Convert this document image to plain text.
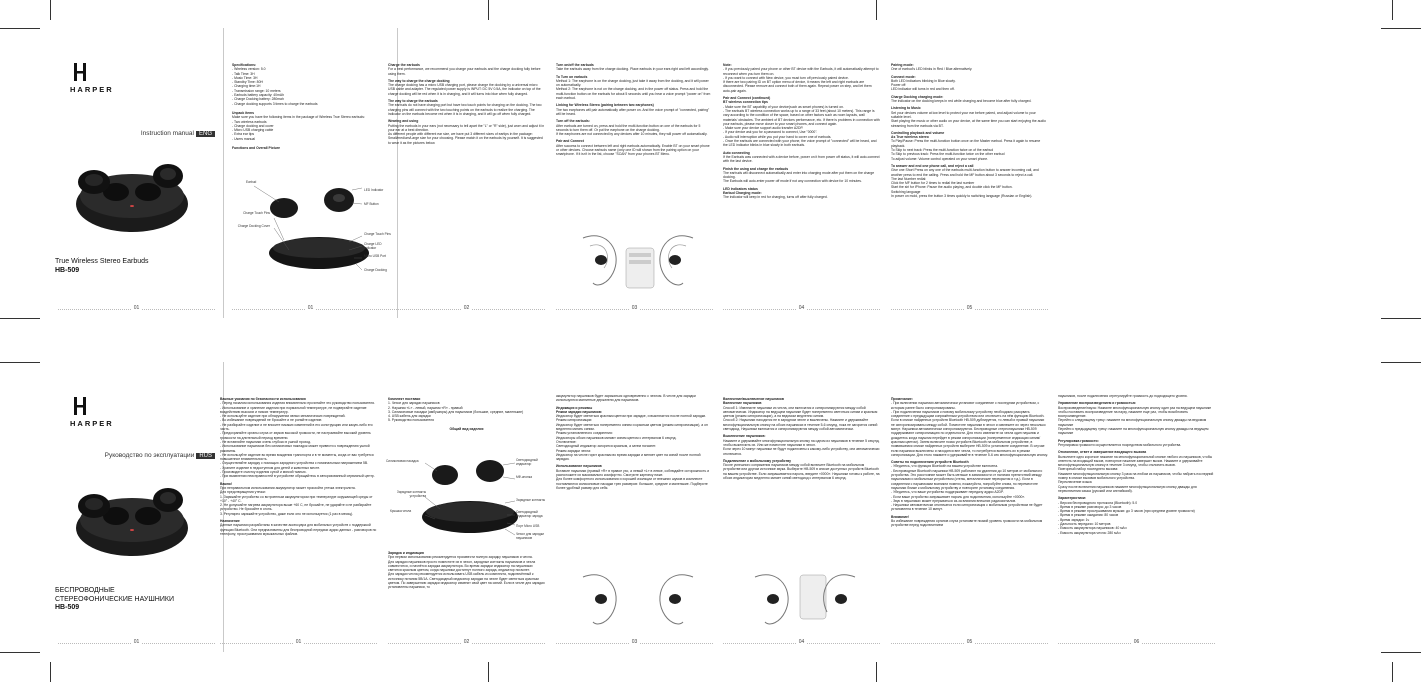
HARPER
Instruction manual ENG
True Wireless Stereo Earbuds
HB-509
01
Specifications:
- Wireless version: 5.0
- Talk Time: 3H
- Music Time: 3H
- Standby Time: 80H
- Charging time:1H
- Transmission range: 10 meters
- Earbuds battery capacity: 40mAh
- Charge Docking battery: 280mah
- Charge docking supports 3 times to charge the earbuds
Unpack items
Make sure you have the following items in the package of Wireless True Stereo earbuds:
- Two wireless earbuds
- Charge docking and cover
- Micro USB charging cable
- Extra ear tips
- Users manual
Functions and Overall Picture
Earbud
LED Indicator
MF Button
Charge Touch Pins
Charge Docking Cover
Charge Touch Pins
Charge LED Indicator
Micro USB Port
Charge Docking
01
Charge the earbuds
For a best performance, we recommend you charge your earbuds and the charge docking fully before using them.
The way to charge the charge docking
The charge docking has a micro USB charging port, please charge the docking by a universal micro USB cable and adapter. The regulated power supply is INPUT: DC 5V 0.5A, the indicator on top of the charge docking will be red when it is in charging, and it will turns into blue when fully charged.
The way to charge the earbuds
The earbuds do not have charging port but have two touch points for charging on the docking. The two charging pins will connect with the two touching points on the earbuds to realize the charging. The indicator on the earbuds become red when it is in charging, and it will go off when fully charged.
Wearing and using
Putting the earbuds in your ears (not necessary to tell apart the "L" or "R" side), just worn and adjust it in your ear at a best direction.
As different people with different ear size, we have put 3 different sizes of eartips in the package: Small/medium/Large size for your choosing. Please match it on the earbuds by yourself. It is suggested to wear it as the pictures below.
02
Turn on/off the earbuds
Take the earbuds away from the charge docking. Place earbuds in your ears right and left accordingly.
To Turn on earbuds
Method 1: The earphone is on the charge docking, just take it away from the docking, and it will power on automatically.
Method 2: The earphone is not on the charge docking, and in the power off status. Press and hold the multi-function button on the earbuds for about 5 seconds until you hear a voice prompt "power on" from each earbud.
Linking for Wireless Stereo (pairing between two earphones)
The two earphones will pair automatically after power on. And the voice prompt of "connected, pairing" will be heard.
Turn off the earbuds:
After earbuds are turned on, press and hold the multi-function button on one of the earbuds for 5 seconds to turn them off. Or put the earphone on the charge docking.
If the earphones are not connected by any devices after 10 minutes, they will power off automatically.
Pair and Connect
After success to connect between left and right earbuds automatically. Enable BT on your smart phone or other devices. Choose earbuds name (only one ID will shown from the pairing option on your smartphone. If it isn't in the list, choose "SCAN" from your phones BT Menu.
03
Note:
- If you previously paired your phone or other BT device with the Earbuds, it will automatically attempt to reconnect when you turn them on.
- If you want to connect with New device, you must turn off previously paired device.
If there are two pairing ID on BT option menu of device, it means the left and right earbuds are disconnected. Please remove and connect both of them again. Repeat power on step, and let them auto-pair again.
Pair and Connect (continued)
BT wireless connection tips
- Make sure the BT capability of your device(such as smart phones) is turned on.
- The earbuds BT wireless connection works up to a range of 33 feet (about 10 meters). This range is vary according to the condition of the space, based on other factors such as room layouts, wall materials' obstacles. The ambient of BT devices performance, etc. If there is problems in connection with your earbuds, please move closer to your smart phones, and connect again.
- Make sure your device support audio transfer A2DP.
- If your device ask you for a password to connect, Use "0000".
- Audio will interruption while you put your hand to cover one of earbuds.
- Once the earbuds are connected with your phone, the voice prompt of "connected" will be heard, and the LED indicator blinks in blue slowly in both earbuds.
Auto connecting
If the Earbuds was connected with a device before, power on it from power off status, it will auto-connect with the last device.
Finish the using and charge the earbuds
The earbuds will disconnect automatically and enter into charging mode after put them on the charge docking.
The Earbuds will auto-enter power off mode if not any connection with device for 10 minutes.
LED indicators status
Earbud Charging mode:
The indicator will keep in red for charging, turns off after fully charged.
04
Pairing mode:
One of earbud's LED blinks in Red / Blue alternatively.
Connect mode:
Both LED indicators blinking in Blue slowly.
Power off:
LED indicator will turns in red and then off.
Charge Docking charging mode:
The indicator on the docking keeps in red while charging and become blue after fully charged.
Listening to Music
Set your devices volume at low level to protect your ear before paired, and adjust volume to your suitable level.
Start playing the music or other audio on your device, at the same time you can start enjoying the audio streaming from the earbuds via BT.
Controlling playback and volume
As True wireless stereo
To Play/Pause: Press the multi-function button once on the Master earbud. Press it again to resume playback.
To Skip to next track: Press the multi-function twice on of the earbud
To Skip to previous track: Press the multi-function twice on the other earbud
To adjust volume: Volume control operated on your smart phone.
To answer and end one phone call, and reject a call
Give one Short Press on any one of the earbuds multi-function button to answer incoming call, and another press to end the calling. Press and hold the MF button about 3 seconds to reject a call.
The last Number redial:
Click the MF button for 2 times to redial the last number
Start the siri for iPhone: Pause the audio playing, and double click the MF button.
Switching language
In power on mold, press the button 3 times quickly to switching language (Russian or English).
05
HARPER
Руководство по эксплуатации RUS
БЕСПРОВОДНЫЕ
СТЕРЕОФОНИЧЕСКИЕ НАУШНИКИ
HB-509
01
Важные указания по безопасности использования
- Перед началом использования изделия внимательно прочитайте это руководство пользователя.
- Использование и хранение изделия при нормальной температуре, не подвергайте изделие воздействию высоких и низких температур.
- Не используйте изделие при обнаружении явных механических повреждений.
- Во избежание повреждений не бросайте и не роняйте изделие.
- Не разбирайте изделие и не вносите никаких изменений в его конструкцию или какую-либо его часть.
- Предохраняйте органы слуха от звуков высокой громкости, не настраивайте высокий уровень громкости на длительный период времени.
- Не вставляйте наушники очень глубоко в ушной проход.
- Использование наушников без силиконовых накладок может привести к повреждению ушной раковины.
- Не используйте изделие во время вождения транспорта и в те моменты, когда от вас требуется повышенное внимательность.
- Осуществляйте зарядку с помощью зарядного устройства с номинальным напряжением 5В.
- Храните изделие в недоступном для детей и животных месте.
- Производите очистку изделия сухой и мягкой тканью.
- При выявлении неисправностей в устройстве обращайтесь в авторизованный сервисный центр.
Важно!
При неправильном использовании аккумулятор может произойти утечка электролита.
Для предотвращения утечки:
1. Заряжайте устройство со встроенным аккумулятором при температуре окружающей среды от +10° - +40° С.
2. Не допускайте нагрева аккумулятора выше +60 С, не бросайте, не ударяйте и не разбирайте устройство. Не бросайте в огонь.
3. Регулярно заряжайте устройство, даже если оно не используется (1 раз в месяц).
Назначение
Данные наушники разработаны в качестве аксессуара для мобильных устройств с поддержкой функции Bluetooth. Они предназначены для беспроводной передачи аудио данных - разговоров по телефону, прослушивания музыкальных файлов.
01
Комплект поставки
1. Чехол для зарядки наушников
2. Наушник «L» - левый, наушник «R» - правый
3. Силиконовые насадки (амбушюры) для наушников (большие, средние, маленькие)
4. USB кабель для зарядки
5. Руководство пользователя
Общий вид изделия
Силиконовая насадка	Светодиодный индикатор
МФ-кнопка
Зарядные контакты устройства
Зарядные контакты
Крышка чехла	Светодиодный индикатор заряда
Порт Micro USB
Чехол для зарядки наушников
Зарядка и индикация
При первом использовании рекомендуется произвести полную зарядку наушников и чехла.
Для зарядки наушников просто поместите их в чехол, зарядные контакты наушников и чехла совместятся, и начнётся зарядка аккумулятора. Во время зарядки индикатор на наушниках светится красным цветом, когда наушники достигнут полного заряда, индикатор погаснет.
Для зарядки чехла рекомендуется использовать USB кабель из комплекта, подключённый к источнику питания 5В/1А. Светодиодный индикатор зарядки на чехле будет светиться красным цветом. По завершению зарядки индикатор изменит свой цвет на синий. Если в чехле для зарядки установлены наушники, то
02
аккумулятор наушников будет заряжаться одновременно с чехлом. В чехле для зарядки используются магнитные держатели для наушников.
Индикация и режимы
Режим зарядки наушников:
Индикатор будет светиться красным цветом при зарядке, и выключится после полной зарядки.
Режим синхронизации:
Индикатор будет светиться попеременно синим и красным цветом (режим синхронизации), а он медленно мигать синим.
Режим установленного соединения:
Индикаторы обоих наушников мигают синим цветом с интервалом 6 секунд.
Отключение:
Светодиодный индикатор загорится красным, а затем погаснет.
Режим зарядки чехла:
Индикатор на чехле горит красным во время зарядки и меняет цвет на синий после полной зарядки.
Использование наушников
Вставьте наушники (правый «R» в правое ухо, а левый «L» в левое, соблюдайте осторожность и расположите их максимально комфортно. Смотрите картинку ниже.
Для более комфортного использования и хорошей изоляции от внешних шумов в комплекте поставляются силиконовые насадки трех размеров: большие, средние и маленькие. Подберите более удобный размер для себя.
03
Включение/выключение наушников
Включение наушников
Способ 1: Извлеките наушники из чехла, они включатся и синхронизируются между собой автоматически. Индикатор на ведущем наушнике будет попеременно светиться синим и красным цветом (режим синхронизации), а на ведомом медленно синим.
Способ 2: Наушники находятся не в зарядном чехле и выключены. Нажмите и удерживайте многофункциональную кнопку на обоих наушниках в течение 5-6 секунд, пока не загорится синий светодиод. Наушники включатся и синхронизируются между собой автоматически.
Выключение наушников:
Нажмите и удерживайте многофункциональную кнопку на одном из наушников в течение 5 секунд, чтобы выключить их. Или же поместите наушники в чехол.
Если через 10 минут наушники не будут подключены к какому-либо устройству, они автоматически отключатся.
Подключение к мобильному устройству
После успешного сопряжения наушников между собой включите Bluetooth на мобильном устройстве или другом источнике звука. Выберите HB-509 в списке доступных устройств Bluetooth на вашем устройстве. Если запрашивается пароль, введите «0000». Наушники готовы к работе, на обоих индикаторах медленно мигает синий светодиод с интервалом 6 секунд.
04
Примечание:
- При включении наушники автоматически установят соединение с последним устройством, с которым ранее было синхронизированы.
- При подключении наушников к новому мобильному устройству необходимо разорвать соединение с предыдущим сопряжённым устройством или отключить на нём функцию Bluetooth.
Если в списке найденных устройств Bluetooth HB-509 дублируется, то левый и правый наушники не синхронизированы между собой. Поместите наушники в чехол и извлеките их через несколько минут. Наушники автоматически синхронизируются. Беспроводные стереонаушники HB-509 поддерживают синхронизацию по отдельности. Для этого извлеките из чехла один наушник и дождитесь когда наушник перейдет в режим синхронизации (попеременное индикации синим/красным цветом). Затем включите поиск устройств Bluetooth на мобильном устройстве, в появившемся списке найденных устройств выберите HB-509 и установите соединение. В случае если наушники выключены и находятся вне чехла, то потребуется включить их в режим синхронизации. Для этого нажмите и удерживайте в течение 5-6 сек многофункциональную кнопку.
Советы по подключению устройств Bluetooth
- Убедитесь, что функция Bluetooth на вашем устройстве включена.
- Беспроводные Bluetooth наушники HB-509 работают на удалении до 10 метров от мобильного устройства. Это расстояние может быть меньше в зависимости от наличия препятствий между наушниками и мобильным устройством (стены, металлические перекрытия и т.д.). Если в соединении с наушниками возникли помехи, пожалуйста, попробуйте снова, но переместите наушники ближе к мобильному устройству и повторите установку соединения.
- Убедитесь, что ваше устройство поддерживает передачу аудио A2DP.
- Если ваше устройство запрашивает пароль для подключения, используйте «0000».
- Звук в наушниках может прерываться из-за влияния внешних радиосигналов.
- Наушники автоматически отключатся если синхронизация с мобильным устройством не будет установлена в течение 10 минут.
Внимание!
Во избежание повреждения органов слуха установите низкий уровень громкости на мобильном устройстве перед подключением
05
наушников, после подключения отрегулируйте громкость до подходящего уровня.
Управление воспроизведением и громкостью
Воспроизведение/пауза: Нажмите многофункциональную кнопку один раз на ведущем наушнике чтобы поставить воспроизведение на паузу, нажмите еще раз, чтобы возобновить воспроизведение.
Перейти к следующему треку: нажмите на многофункциональную кнопку дважды на ведомом наушнике
Перейти к предыдущему треку: нажмите на многофункциональную кнопку дважды на ведущем наушнике
Регулировка громкости:
Регулировка громкости осуществляется посредством мобильного устройства.
Отклонение, ответ и завершение входящего вызова
Выполните одно короткое нажатие на многофункциональной кнопке любого из наушников, чтобы ответить на входящий вызов, повторное нажатие завершит вызов. Нажмите и удерживайте многофункциональную кнопку в течение 3 секунд, чтобы отклонить вызов.
Повторный набор последнего вызова:
Нажмите многофункциональную кнопку 3 раза на любом из наушников, чтобы набрать последний номер в списке вызовов мобильного устройства.
Переключение языка
Сразу после включения наушников нажмите многофункциональную кнопку дважды для переключения языка (русский или английский).
Характеристики:
- Версия беспроводного протокола (Bluetooth): 5.0
- Время в режиме разговора: до 3 часов
- Время в режиме прослушивания музыки: до 3 часов (при среднем уровне громкости)
- Время в режиме ожидания: 80 часов
- Время зарядки: 1ч
- Дальность передачи: 10 метров
- Емкость аккумулятора наушников: 40 мАч
- Емкость аккумулятора чехла: 280 мАч
06
